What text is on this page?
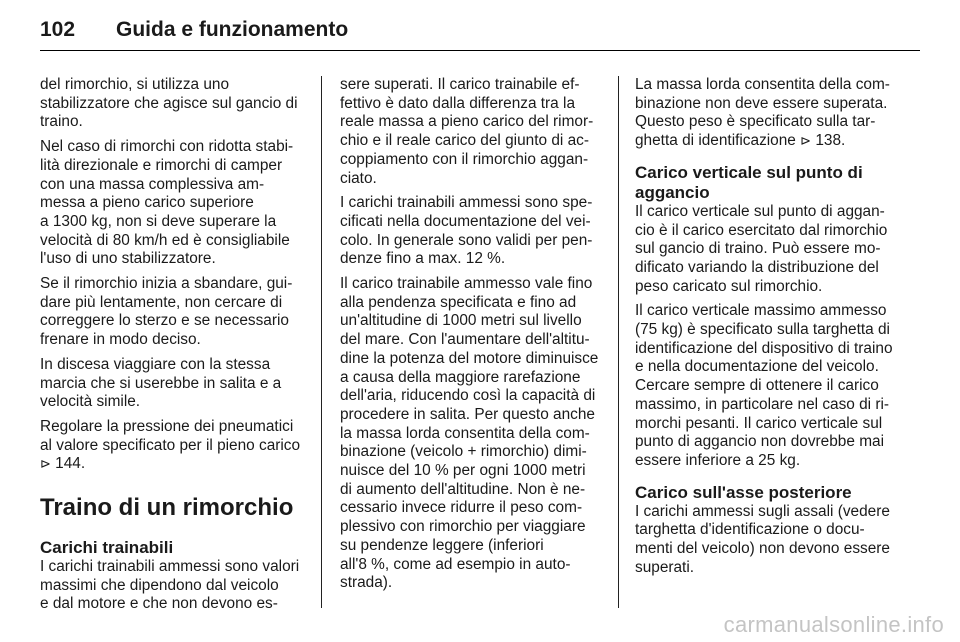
102 Guida e funzionamento

del rimorchio, si utilizza uno
stabilizzatore che agisce sul gancio di
traino.

Nel caso di rimorchi con ridotta stabi-
lità direzionale e rimorchi di camper
con una massa complessiva am-
messa a pieno carico superiore
a 1300 kg, non si deve superare la
velocità di 80 km/h ed è consigliabile
l'uso di uno stabilizzatore.

Se il rimorchio inizia a sbandare, gui-
dare più lentamente, non cercare di
correggere lo sterzo e se necessario
frenare in modo deciso.

In discesa viaggiare con la stessa
marcia che si userebbe in salita e a
velocità simile.

Regolare la pressione dei pneumatici
al valore specificato per il pieno carico
⊳ 144.

Traino di un rimorchio
Carichi trainabili

I carichi trainabili ammessi sono valori
massimi che dipendono dal veicolo
e dal motore e che non devono es-

sere superati. Il carico trainabile ef-
fettivo è dato dalla differenza tra la
reale massa a pieno carico del rimor-
chio e il reale carico del giunto di ac-
coppiamento con il rimorchio aggan-
ciato.

I carichi trainabili ammessi sono spe-
cificati nella documentazione del vei-
colo. In generale sono validi per pen-
denze fino a max. 12 %.

Il carico trainabile ammesso vale fino
alla pendenza specificata e fino ad
un'altitudine di 1000 metri sul livello
del mare. Con l'aumentare dell'altitu-
dine la potenza del motore diminuisce
a causa della maggiore rarefazione
dell'aria, riducendo così la capacità di
procedere in salita. Per questo anche
la massa lorda consentita della com-
binazione (veicolo + rimorchio) dimi-
nuisce del 10 % per ogni 1000 metri
di aumento dell'altitudine. Non è ne-
cessario invece ridurre il peso com-
plessivo con rimorchio per viaggiare
su pendenze leggere (inferiori
all'8 %, come ad esempio in auto-
strada).

La massa lorda consentita della com-
binazione non deve essere superata.
Questo peso è specificato sulla tar-
ghetta di identificazione ⊳ 138.

Carico verticale sul punto di
aggancio

Il carico verticale sul punto di aggan-
cio è il carico esercitato dal rimorchio
sul gancio di traino. Può essere mo-
dificato variando la distribuzione del
peso caricato sul rimorchio.

Il carico verticale massimo ammesso
(75 kg) è specificato sulla targhetta di
identificazione del dispositivo di traino
e nella documentazione del veicolo.
Cercare sempre di ottenere il carico
massimo, in particolare nel caso di ri-
morchi pesanti. Il carico verticale sul
punto di aggancio non dovrebbe mai
essere inferiore a 25 kg.

Carico sull'asse posteriore

I carichi ammessi sugli assali (vedere
targhetta d'identificazione o docu-
menti del veicolo) non devono essere
superati.

carmanualsonline.info
